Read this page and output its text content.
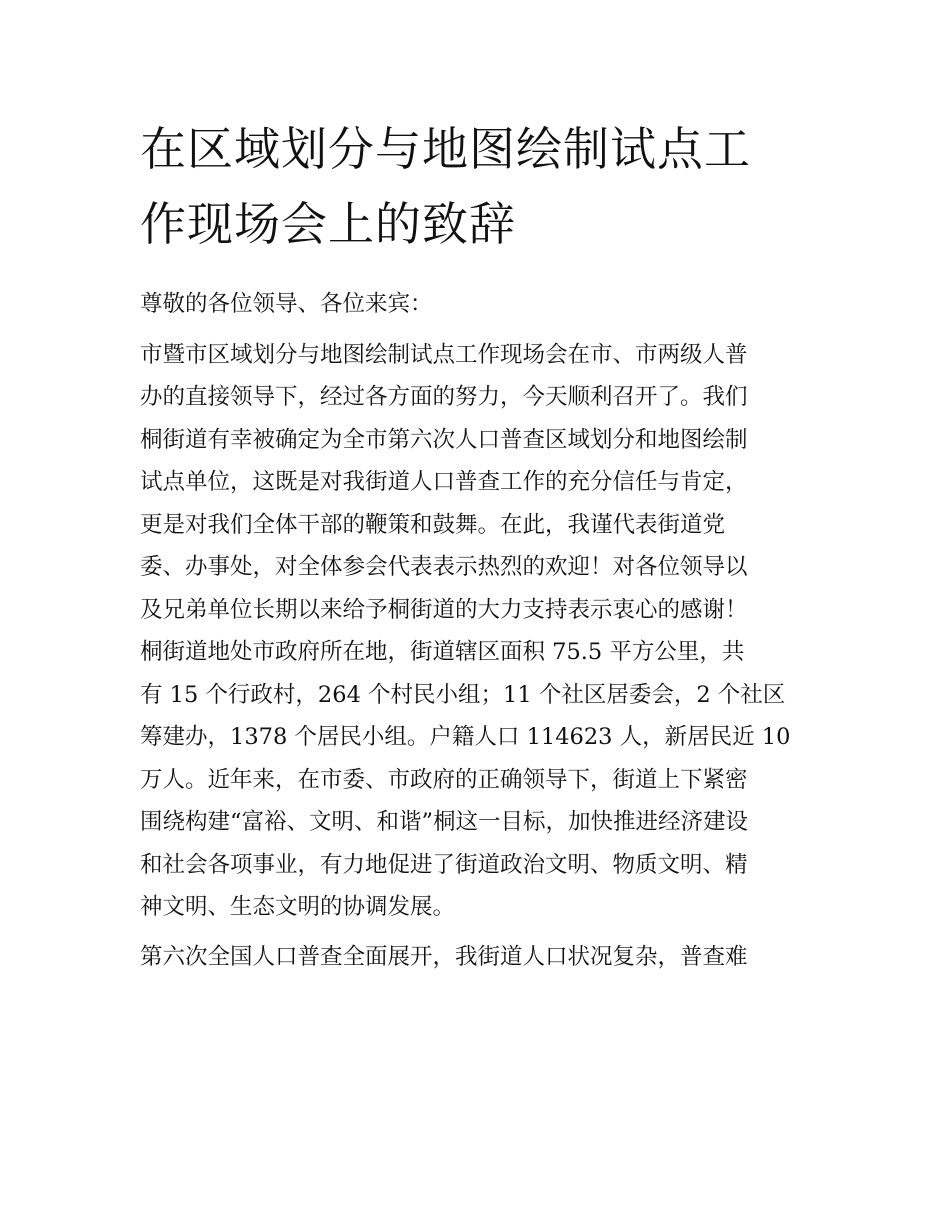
在区域划分与地图绘制试点工
作现场会上的致辞

尊敬的各位领导、各位来宾：

市暨市区域划分与地图绘制试点工作现场会在市、市两级人普
办的直接领导下，经过各方面的努力，今天顺利召开了。我们
桐街道有幸被确定为全市第六次人口普查区域划分和地图绘制
试点单位，这既是对我街道人口普查工作的充分信任与肯定，
更是对我们全体干部的鞭策和鼓舞。在此，我谨代表街道党
委、办事处，对全体参会代表表示热烈的欢迎！对各位领导以
及兄弟单位长期以来给予桐街道的大力支持表示衷心的感谢！

桐街道地处市政府所在地，街道辖区面积 75.5 平方公里，共
有 15 个行政村，264 个村民小组；11 个社区居委会，2 个社区
筹建办，1378 个居民小组。户籍人口 114623 人，新居民近 10
万人。近年来，在市委、市政府的正确领导下，街道上下紧密
围绕构建“富裕、文明、和谐”桐这一目标，加快推进经济建设
和社会各项事业，有力地促进了街道政治文明、物质文明、精
神文明、生态文明的协调发展。

第六次全国人口普查全面展开，我街道人口状况复杂，普查难
